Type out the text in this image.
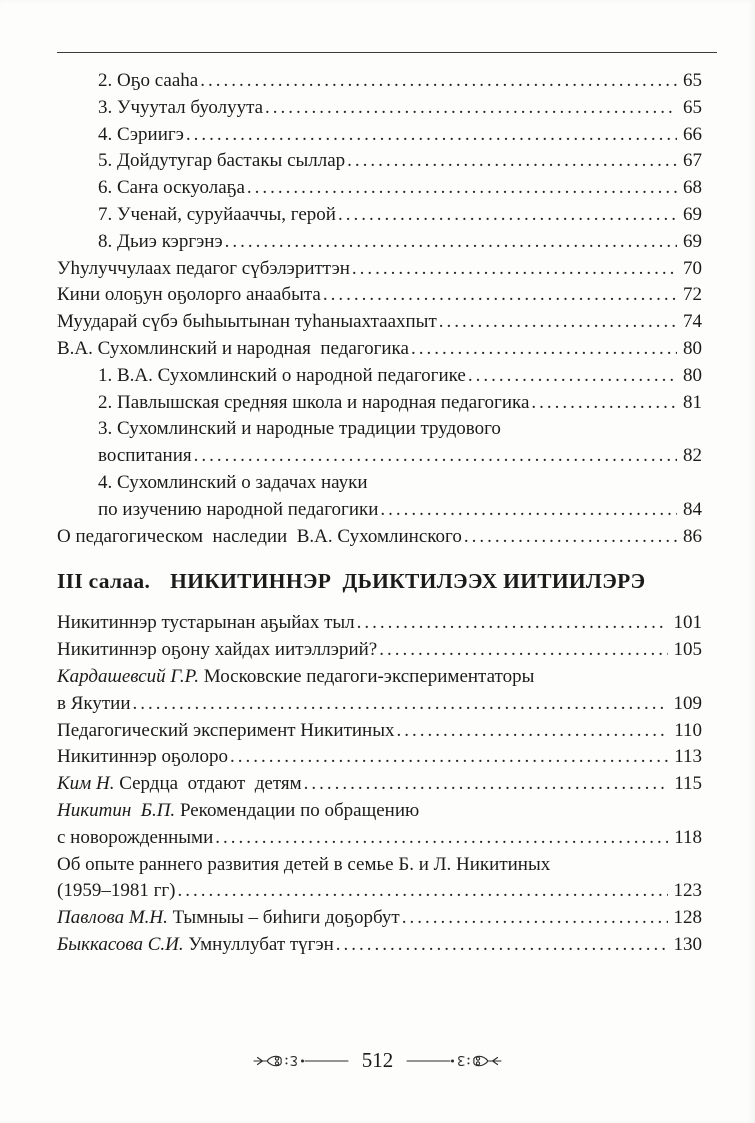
2. Оҕо сааһа .....	65
3. Учуутал буолуута .....	65
4. Сэриигэ .....	66
5. Дойдутугар бастакы сыллар .....	67
6. Саҥа оскуолаҕа .....	68
7. Ученай, суруйааччы, герой .....	69
8. Дьиэ кэргэнэ .....	69
Уһулуччулаах педагог сүбэлэриттэн .....	70
Кини олоҕун оҕолорго анаабыта .....	72
Муударай сүбэ быһыытынан туһаныахтаахпыт .....	74
В.А. Сухомлинский и народная  педагогика .....	80
1. В.А. Сухомлинский о народной педагогике .....	80
2. Павлышская средняя школа и народная педагогика .....	81
3. Сухомлинский и народные традиции трудового
воспитания .....	82
4. Сухомлинский о задачах науки
по изучению народной педагогики .....	84
О педагогическом  наследии  В.А. Сухомлинского .....	86
III салаа. НИКИТИННЭР  ДЬИКТИЛЭЭХ ИИТИИЛЭРЭ
Никитиннэр тустарынан аҕыйах тыл .....	101
Никитиннэр оҕону хайдах иитэллэрий? .....	105
Кардашевсий Г.Р. Московские педагоги-экспериментаторы
в Якутии .....	109
Педагогический эксперимент Никитиных .....	110
Никитиннэр оҕолоро .....	113
Ким Н. Сердца  отдают  детям .....	115
Никитин  Б.П. Рекомендации по обращению
с новорожденными .....	118
Об опыте раннего развития детей в семье Б. и Л. Никитиных
(1959–1981 гг) .....	123
Павлова М.Н. Тымныы – биһиги доҕорбут .....	128
Быккасова С.И. Умнуллубат түгэн .....	130
512
